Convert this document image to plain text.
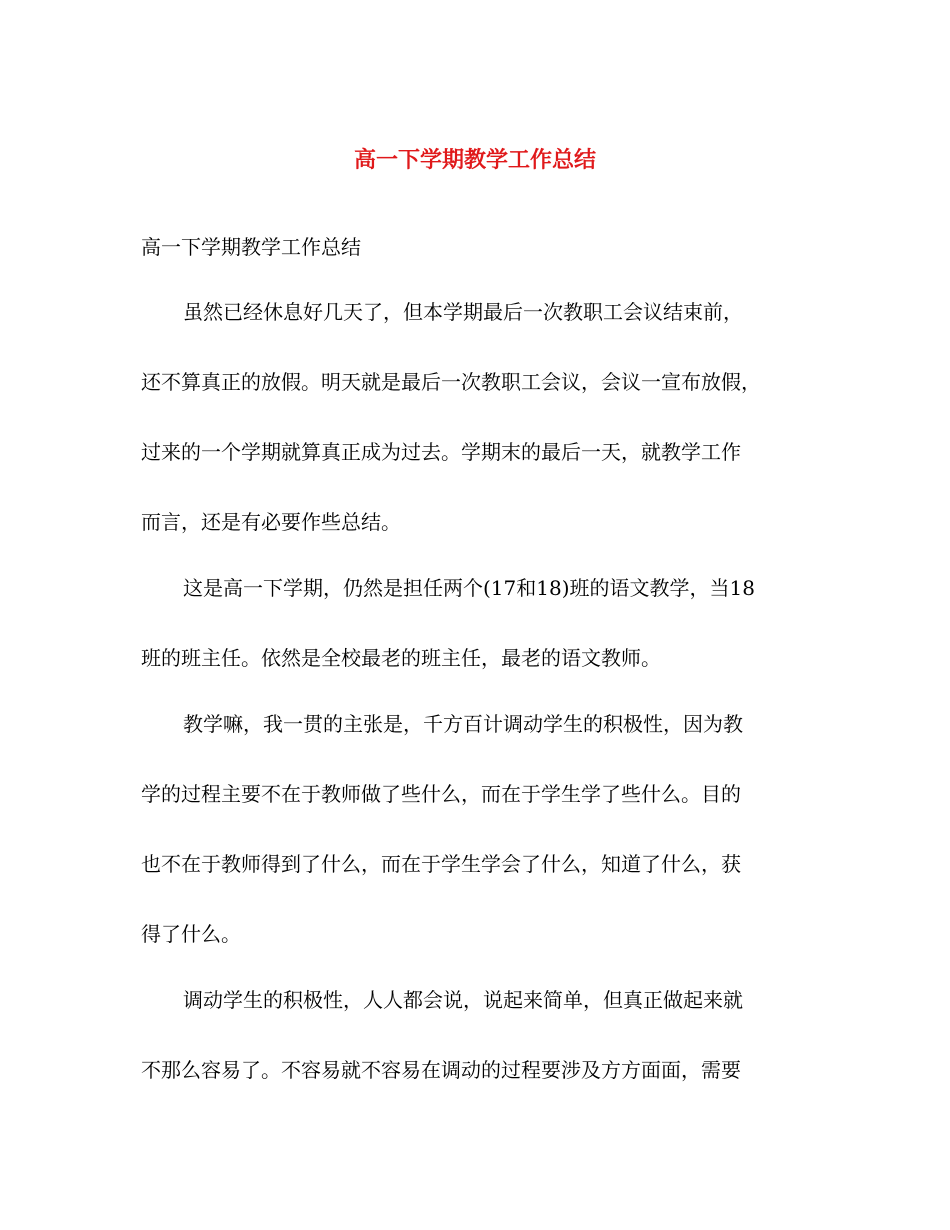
高一下学期教学工作总结

高一下学期教学工作总结

虽然已经休息好几天了，但本学期最后一次教职工会议结束前，

还不算真正的放假。明天就是最后一次教职工会议，会议一宣布放假，

过来的一个学期就算真正成为过去。学期末的最后一天，就教学工作

而言，还是有必要作些总结。

这是高一下学期，仍然是担任两个(17和18)班的语文教学，当18

班的班主任。依然是全校最老的班主任，最老的语文教师。

教学嘛，我一贯的主张是，千方百计调动学生的积极性，因为教

学的过程主要不在于教师做了些什么，而在于学生学了些什么。目的

也不在于教师得到了什么，而在于学生学会了什么，知道了什么，获

得了什么。

调动学生的积极性，人人都会说，说起来简单，但真正做起来就

不那么容易了。不容易就不容易在调动的过程要涉及方方面面，需要
